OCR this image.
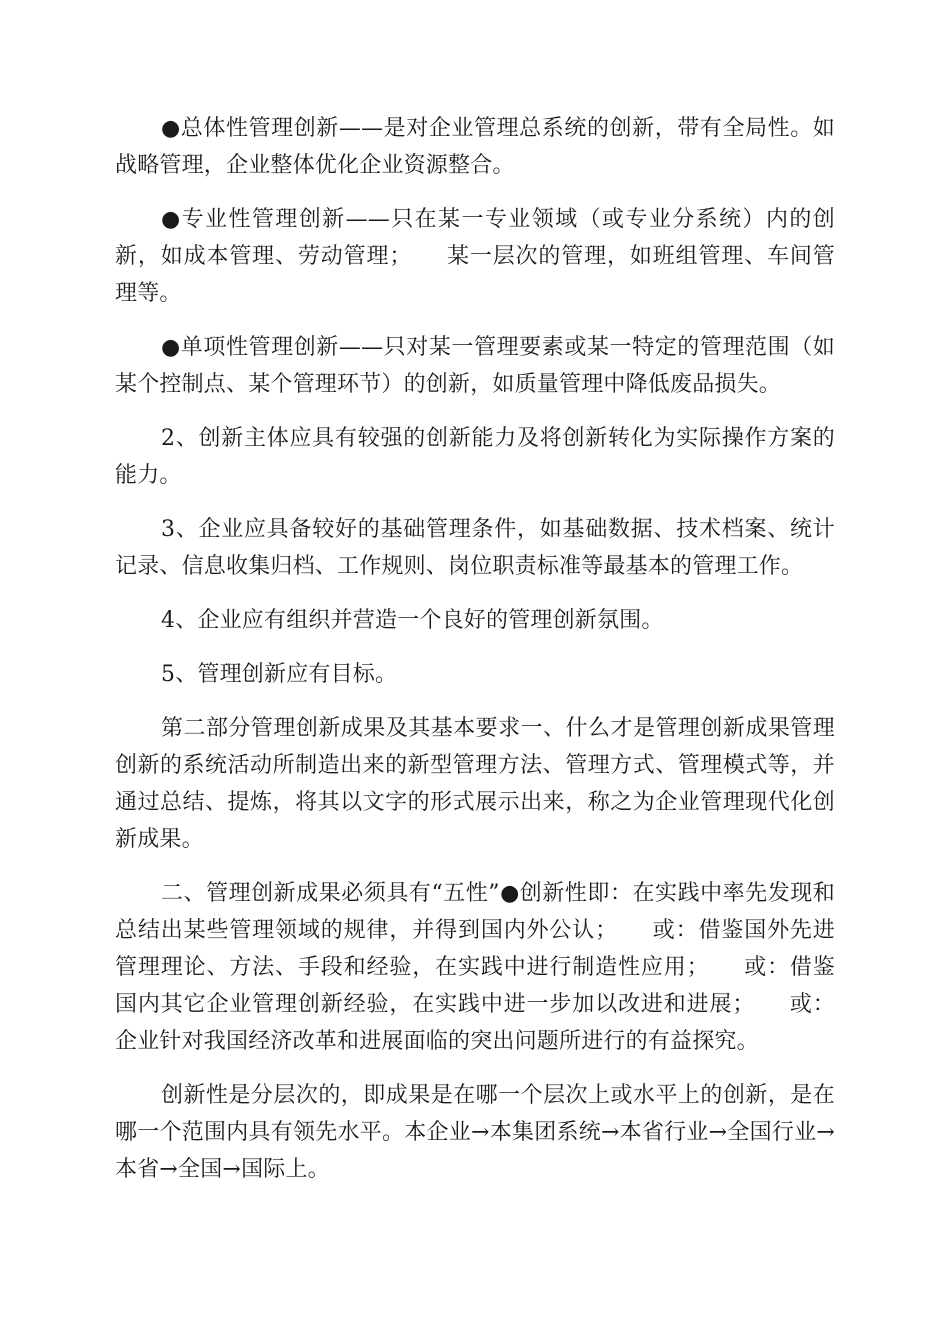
●总体性管理创新——是对企业管理总系统的创新，带有全局性。如战略管理，企业整体优化企业资源整合。

●专业性管理创新——只在某一专业领域（或专业分系统）内的创新，如成本管理、劳动管理；　　某一层次的管理，如班组管理、车间管理等。

●单项性管理创新——只对某一管理要素或某一特定的管理范围（如某个控制点、某个管理环节）的创新，如质量管理中降低废品损失。

2、创新主体应具有较强的创新能力及将创新转化为实际操作方案的能力。

3、企业应具备较好的基础管理条件，如基础数据、技术档案、统计记录、信息收集归档、工作规则、岗位职责标准等最基本的管理工作。

4、企业应有组织并营造一个良好的管理创新氛围。

5、管理创新应有目标。

第二部分管理创新成果及其基本要求一、什么才是管理创新成果管理创新的系统活动所制造出来的新型管理方法、管理方式、管理模式等，并通过总结、提炼，将其以文字的形式展示出来，称之为企业管理现代化创新成果。

二、管理创新成果必须具有“五性”●创新性即：在实践中率先发现和总结出某些管理领域的规律，并得到国内外公认；　　或：借鉴国外先进管理理论、方法、手段和经验，在实践中进行制造性应用；　　或：借鉴国内其它企业管理创新经验，在实践中进一步加以改进和进展；　　或：企业针对我国经济改革和进展面临的突出问题所进行的有益探究。

创新性是分层次的，即成果是在哪一个层次上或水平上的创新，是在哪一个范围内具有领先水平。本企业→本集团系统→本省行业→全国行业→本省→全国→国际上。
